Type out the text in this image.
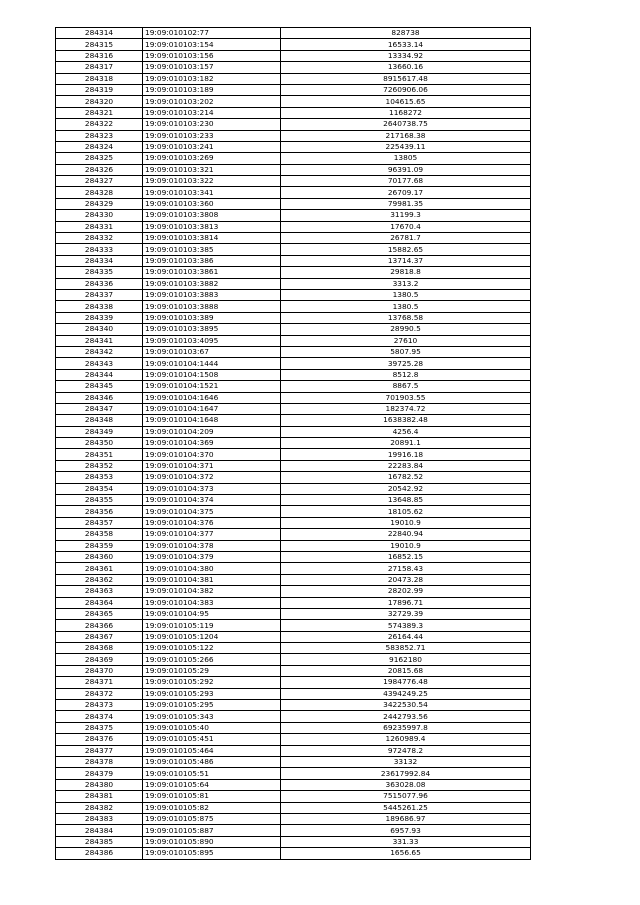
284314	19:09:010102:77	828738
284315	19:09:010103:154	16533.14
284316	19:09:010103:156	13334.92
284317	19:09:010103:157	13660.16
284318	19:09:010103:182	8915617.48
284319	19:09:010103:189	7260906.06
284320	19:09:010103:202	104615.65
284321	19:09:010103:214	1168272
284322	19:09:010103:230	2640738.75
284323	19:09:010103:233	217168.38
284324	19:09:010103:241	225439.11
284325	19:09:010103:269	13805
284326	19:09:010103:321	96391.09
284327	19:09:010103:322	70177.68
284328	19:09:010103:341	26709.17
284329	19:09:010103:360	79981.35
284330	19:09:010103:3808	31199.3
284331	19:09:010103:3813	17670.4
284332	19:09:010103:3814	26781.7
284333	19:09:010103:385	15882.65
284334	19:09:010103:386	13714.37
284335	19:09:010103:3861	29818.8
284336	19:09:010103:3882	3313.2
284337	19:09:010103:3883	1380.5
284338	19:09:010103:3888	1380.5
284339	19:09:010103:389	13768.58
284340	19:09:010103:3895	28990.5
284341	19:09:010103:4095	27610
284342	19:09:010103:67	5807.95
284343	19:09:010104:1444	39725.28
284344	19:09:010104:1508	8512.8
284345	19:09:010104:1521	8867.5
284346	19:09:010104:1646	701903.55
284347	19:09:010104:1647	182374.72
284348	19:09:010104:1648	1638382.48
284349	19:09:010104:209	4256.4
284350	19:09:010104:369	20891.1
284351	19:09:010104:370	19916.18
284352	19:09:010104:371	22283.84
284353	19:09:010104:372	16782.52
284354	19:09:010104:373	20542.92
284355	19:09:010104:374	13648.85
284356	19:09:010104:375	18105.62
284357	19:09:010104:376	19010.9
284358	19:09:010104:377	22840.94
284359	19:09:010104:378	19010.9
284360	19:09:010104:379	16852.15
284361	19:09:010104:380	27158.43
284362	19:09:010104:381	20473.28
284363	19:09:010104:382	28202.99
284364	19:09:010104:383	17896.71
284365	19:09:010104:95	32729.39
284366	19:09:010105:119	574389.3
284367	19:09:010105:1204	26164.44
284368	19:09:010105:122	583852.71
284369	19:09:010105:266	9162180
284370	19:09:010105:29	20815.68
284371	19:09:010105:292	1984776.48
284372	19:09:010105:293	4394249.25
284373	19:09:010105:295	3422530.54
284374	19:09:010105:343	2442793.56
284375	19:09:010105:40	69235997.8
284376	19:09:010105:451	1260989.4
284377	19:09:010105:464	972478.2
284378	19:09:010105:486	33132
284379	19:09:010105:51	23617992.84
284380	19:09:010105:64	363028.08
284381	19:09:010105:81	7515077.96
284382	19:09:010105:82	5445261.25
284383	19:09:010105:875	189686.97
284384	19:09:010105:887	6957.93
284385	19:09:010105:890	331.33
284386	19:09:010105:895	1656.65
